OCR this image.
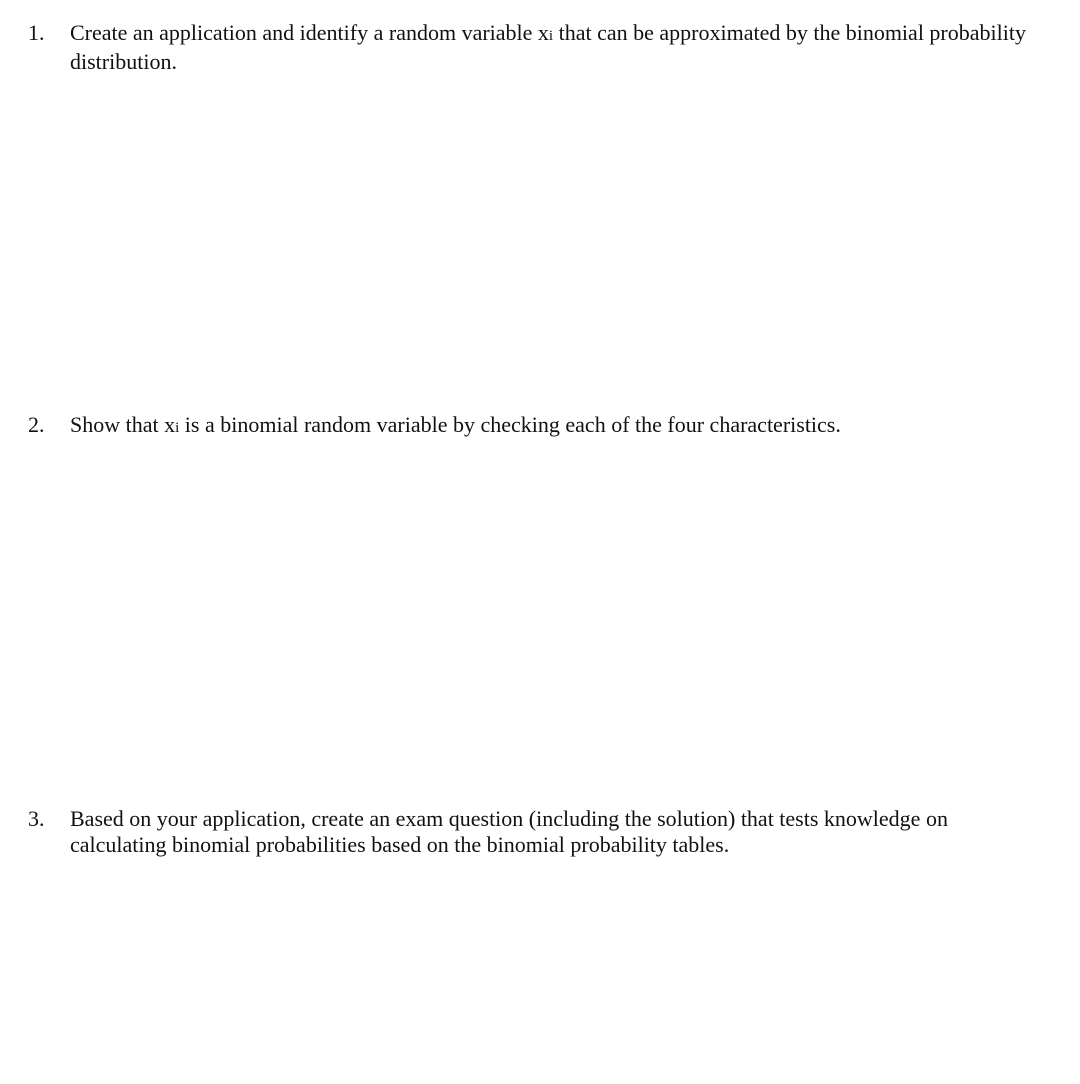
1.	Create an application and identify a random variable xi that can be approximated by the binomial probability distribution.
2.	Show that xi is a binomial random variable by checking each of the four characteristics.
3.	Based on your application, create an exam question (including the solution) that tests knowledge on calculating binomial probabilities based on the binomial probability tables.
